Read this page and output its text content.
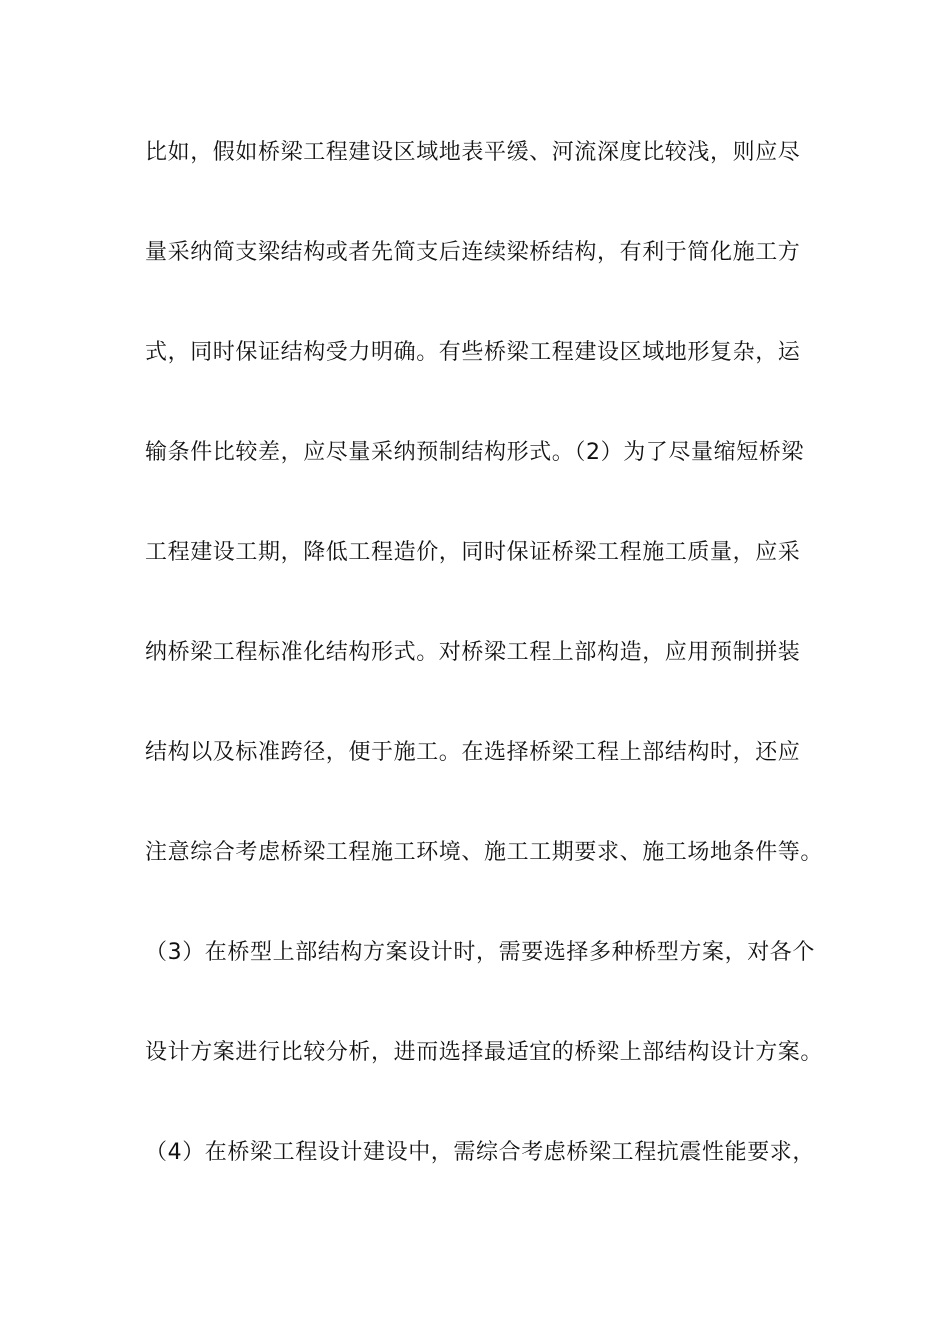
比如，假如桥梁工程建设区域地表平缓、河流深度比较浅，则应尽
量采纳简支梁结构或者先简支后连续梁桥结构，有利于简化施工方
式，同时保证结构受力明确。有些桥梁工程建设区域地形复杂，运
输条件比较差，应尽量采纳预制结构形式。（2）为了尽量缩短桥梁
工程建设工期，降低工程造价，同时保证桥梁工程施工质量，应采
纳桥梁工程标准化结构形式。对桥梁工程上部构造，应用预制拼装
结构以及标准跨径，便于施工。在选择桥梁工程上部结构时，还应
注意综合考虑桥梁工程施工环境、施工工期要求、施工场地条件等。
（3）在桥型上部结构方案设计时，需要选择多种桥型方案，对各个
设计方案进行比较分析，进而选择最适宜的桥梁上部结构设计方案。
（4）在桥梁工程设计建设中，需综合考虑桥梁工程抗震性能要求，
